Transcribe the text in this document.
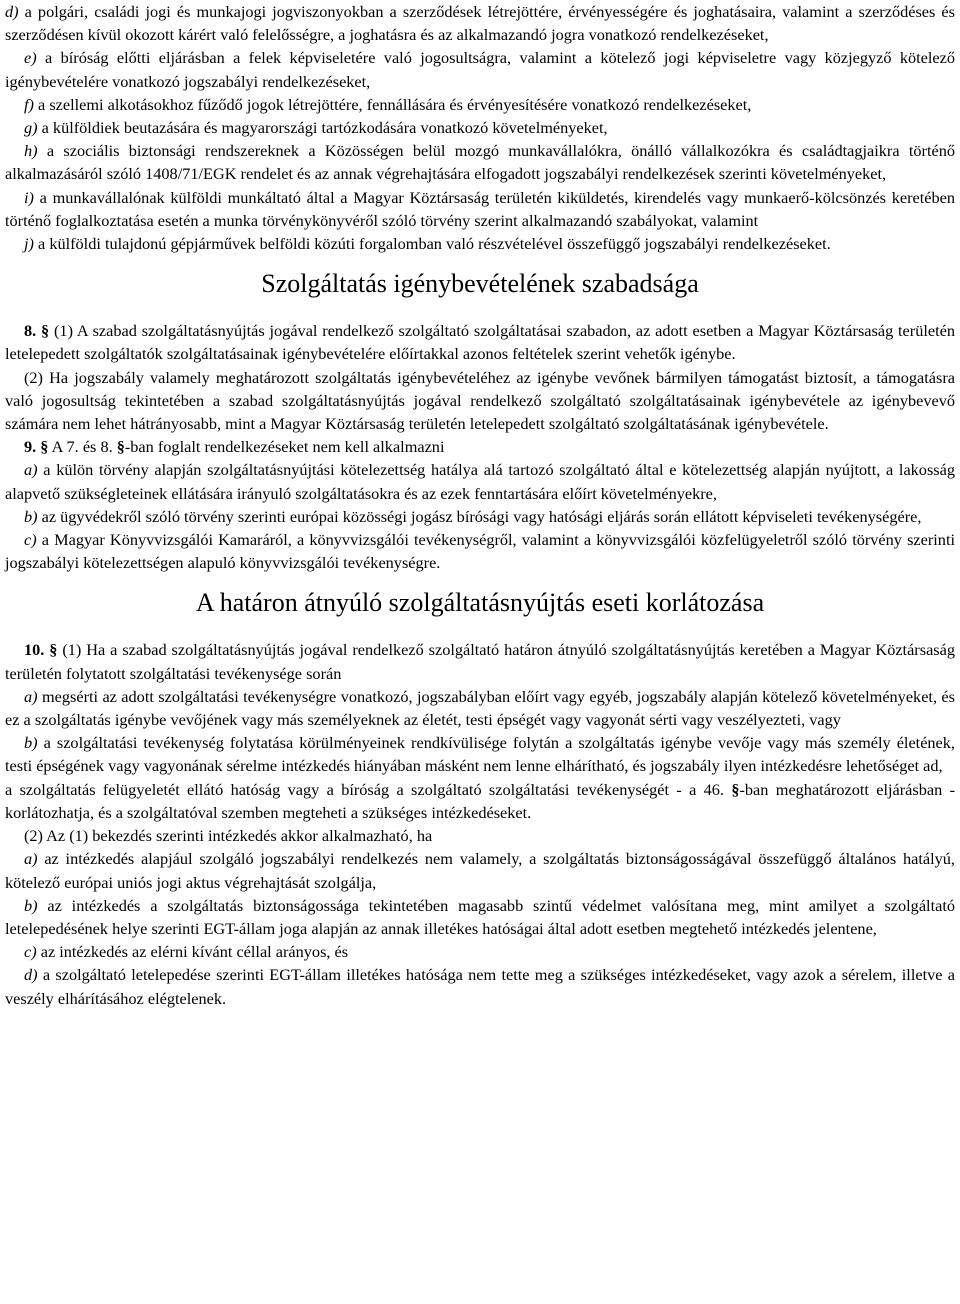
d) a polgári, családi jogi és munkajogi jogviszonyokban a szerződések létrejöttére, érvényességére és joghatásaira, valamint a szerződéses és szerződésen kívül okozott kárért való felelősségre, a joghatásra és az alkalmazandó jogra vonatkozó rendelkezéseket,

e) a bíróság előtti eljárásban a felek képviseletére való jogosultságra, valamint a kötelező jogi képviseletre vagy közjegyző kötelező igénybevételére vonatkozó jogszabályi rendelkezéseket,

f) a szellemi alkotásokhoz fűződő jogok létrejöttére, fennállására és érvényesítésére vonatkozó rendelkezéseket,

g) a külföldiek beutazására és magyarországi tartózkodására vonatkozó követelményeket,

h) a szociális biztonsági rendszereknek a Közösségen belül mozgó munkavállalókra, önálló vállalkozókra és családtagjaikra történő alkalmazásáról szóló 1408/71/EGK rendelet és az annak végrehajtására elfogadott jogszabályi rendelkezések szerinti követelményeket,

i) a munkavállalónak külföldi munkáltató által a Magyar Köztársaság területén kiküldetés, kirendelés vagy munkaerő-kölcsönzés keretében történő foglalkoztatása esetén a munka törvénykönyvéről szóló törvény szerint alkalmazandó szabályokat, valamint

j) a külföldi tulajdonú gépjárművek belföldi közúti forgalomban való részvételével összefüggő jogszabályi rendelkezéseket.

Szolgáltatás igénybevételének szabadsága

8. § (1) A szabad szolgáltatásnyújtás jogával rendelkező szolgáltató szolgáltatásai szabadon, az adott esetben a Magyar Köztársaság területén letelepedett szolgáltatók szolgáltatásainak igénybevételére előírtakkal azonos feltételek szerint vehetők igénybe.

(2) Ha jogszabály valamely meghatározott szolgáltatás igénybevételéhez az igénybe vevőnek bármilyen támogatást biztosít, a támogatásra való jogosultság tekintetében a szabad szolgáltatásnyújtás jogával rendelkező szolgáltató szolgáltatásainak igénybevétele az igénybevevő számára nem lehet hátrányosabb, mint a Magyar Köztársaság területén letelepedett szolgáltató szolgáltatásának igénybevétele.

9. § A 7. és 8. §-ban foglalt rendelkezéseket nem kell alkalmazni

a) a külön törvény alapján szolgáltatásnyújtási kötelezettség hatálya alá tartozó szolgáltató által e kötelezettség alapján nyújtott, a lakosság alapvető szükségleteinek ellátására irányuló szolgáltatásokra és az ezek fenntartására előírt követelményekre,

b) az ügyvédekről szóló törvény szerinti európai közösségi jogász bírósági vagy hatósági eljárás során ellátott képviseleti tevékenységére,

c) a Magyar Könyvvizsgálói Kamaráról, a könyvvizsgálói tevékenységről, valamint a könyvvizsgálói közfelügyeletről szóló törvény szerinti jogszabályi kötelezettségen alapuló könyvvizsgálói tevékenységre.

A határon átnyúló szolgáltatásnyújtás eseti korlátozása

10. § (1) Ha a szabad szolgáltatásnyújtás jogával rendelkező szolgáltató határon átnyúló szolgáltatásnyújtás keretében a Magyar Köztársaság területén folytatott szolgáltatási tevékenysége során

a) megsérti az adott szolgáltatási tevékenységre vonatkozó, jogszabályban előírt vagy egyéb, jogszabály alapján kötelező követelményeket, és ez a szolgáltatás igénybe vevőjének vagy más személyeknek az életét, testi épségét vagy vagyonát sérti vagy veszélyezteti, vagy

b) a szolgáltatási tevékenység folytatása körülményeinek rendkívülisége folytán a szolgáltatás igénybe vevője vagy más személy életének, testi épségének vagy vagyonának sérelme intézkedés hiányában másként nem lenne elhárítható, és jogszabály ilyen intézkedésre lehetőséget ad,

a szolgáltatás felügyeletét ellátó hatóság vagy a bíróság a szolgáltató szolgáltatási tevékenységét - a 46. §-ban meghatározott eljárásban - korlátozhatja, és a szolgáltatóval szemben megteheti a szükséges intézkedéseket.

(2) Az (1) bekezdés szerinti intézkedés akkor alkalmazható, ha

a) az intézkedés alapjául szolgáló jogszabályi rendelkezés nem valamely, a szolgáltatás biztonságosságával összefüggő általános hatályú, kötelező európai uniós jogi aktus végrehajtását szolgálja,

b) az intézkedés a szolgáltatás biztonságossága tekintetében magasabb szintű védelmet valósítana meg, mint amilyet a szolgáltató letelepedésének helye szerinti EGT-állam joga alapján az annak illetékes hatóságai által adott esetben megtehető intézkedés jelentene,

c) az intézkedés az elérni kívánt céllal arányos, és

d) a szolgáltató letelepedése szerinti EGT-állam illetékes hatósága nem tette meg a szükséges intézkedéseket, vagy azok a sérelem, illetve a veszély elhárításához elégtelenek.
